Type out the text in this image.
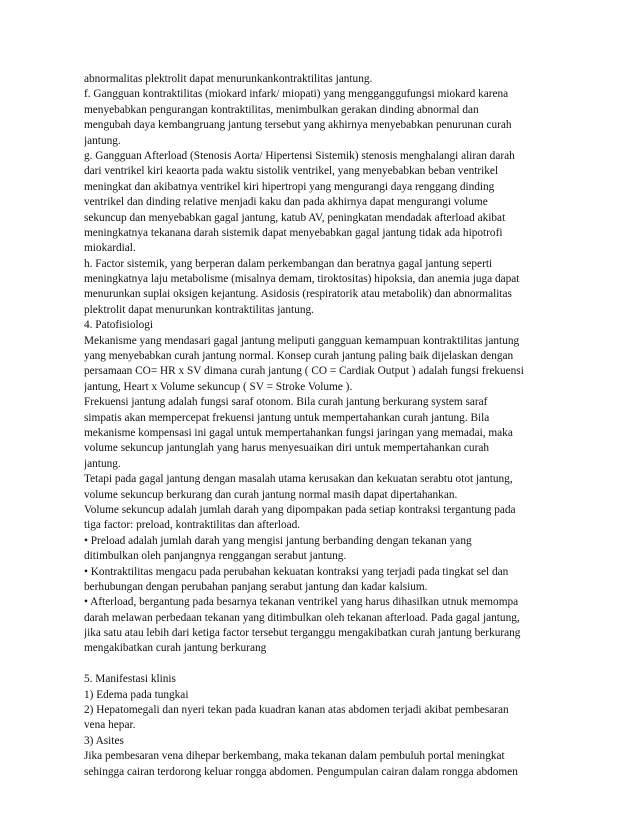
abnormalitas plektrolit dapat menurunkankontraktilitas jantung.
f. Gangguan kontraktilitas (miokard infark/ miopati) yang mengganggufungsi miokard karena
menyebabkan pengurangan kontraktilitas, menimbulkan gerakan dinding abnormal dan
mengubah daya kembangruang jantung tersebut yang akhirnya menyebabkan penurunan curah
jantung.
g. Gangguan Afterload (Stenosis Aorta/ Hipertensi Sistemik) stenosis menghalangi aliran darah
dari ventrikel kiri keaorta pada waktu sistolik ventrikel, yang menyebabkan beban ventrikel
meningkat dan akibatnya ventrikel kiri hipertropi yang mengurangi daya renggang dinding
ventrikel dan dinding relative menjadi kaku dan pada akhirnya dapat mengurangi volume
sekuncup dan menyebabkan gagal jantung, katub AV, peningkatan mendadak afterload akibat
meningkatnya tekanana darah sistemik dapat menyebabkan gagal jantung tidak ada hipotrofi
miokardial.
h. Factor sistemik, yang berperan dalam perkembangan dan beratnya gagal jantung seperti
meningkatnya laju metabolisme (misalnya demam, tiroktositas) hipoksia, dan anemia juga dapat
menurunkan suplai oksigen kejantung. Asidosis (respiratorik atau metabolik) dan abnormalitas
plektrolit dapat menurunkan kontraktilitas jantung.
4. Patofisiologi
Mekanisme yang mendasari gagal jantung meliputi gangguan kemampuan kontraktilitas jantung
yang menyebabkan curah jantung normal. Konsep curah jantung paling baik dijelaskan dengan
persamaan CO= HR x SV dimana curah jantung ( CO = Cardiak Output ) adalah fungsi frekuensi
jantung, Heart x Volume sekuncup ( SV = Stroke Volume ).
Frekuensi jantung adalah fungsi saraf otonom. Bila curah jantung berkurang system saraf
simpatis akan mempercepat frekuensi jantung untuk mempertahankan curah jantung. Bila
mekanisme kompensasi ini gagal untuk mempertahankan fungsi jaringan yang memadai, maka
volume sekuncup jantunglah yang harus menyesuaikan diri untuk mempertahankan curah
jantung.
Tetapi pada gagal jantung dengan masalah utama kerusakan dan kekuatan serabtu otot jantung,
volume sekuncup berkurang dan curah jantung normal masih dapat dipertahankan.
Volume sekuncup adalah jumlah darah yang dipompakan pada setiap kontraksi tergantung pada
tiga factor: preload, kontraktilitas dan afterload.
• Preload adalah jumlah darah yang mengisi jantung berbanding dengan tekanan yang
ditimbulkan oleh panjangnya renggangan serabut jantung.
• Kontraktilitas mengacu pada perubahan kekuatan kontraksi yang terjadi pada tingkat sel dan
berhubungan dengan perubahan panjang serabut jantung dan kadar kalsium.
• Afterload, bergantung pada besarnya tekanan ventrikel yang harus dihasilkan utnuk memompa
darah melawan perbedaan tekanan yang ditimbulkan oleh tekanan afterload. Pada gagal jantung,
jika satu atau lebih dari ketiga factor tersebut terganggu mengakibatkan curah jantung berkurang
mengakibatkan curah jantung berkurang
5. Manifestasi klinis
1) Edema pada tungkai
2) Hepatomegali dan nyeri tekan pada kuadran kanan atas abdomen terjadi akibat pembesaran
vena hepar.
3) Asites
Jika pembesaran vena dihepar berkembang, maka tekanan dalam pembuluh portal meningkat
sehingga cairan terdorong keluar rongga abdomen. Pengumpulan cairan dalam rongga abdomen
